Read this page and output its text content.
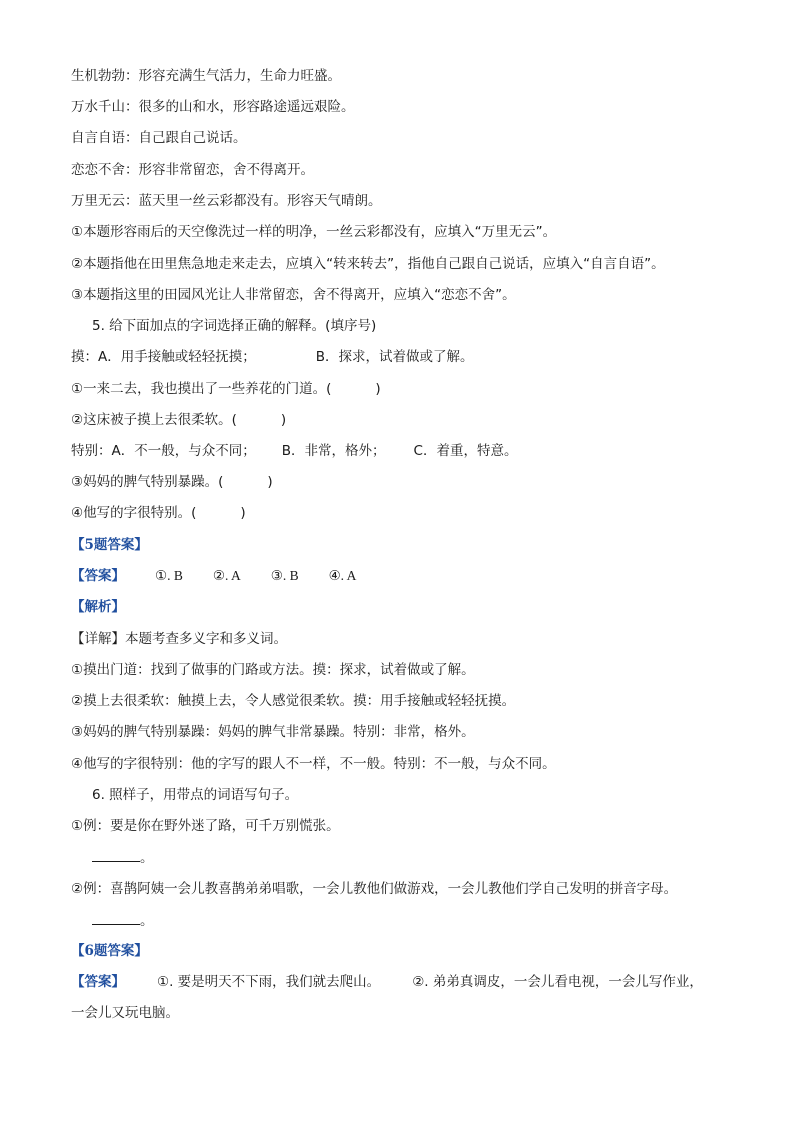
生机勃勃：形容充满生气活力，生命力旺盛。
万水千山：很多的山和水，形容路途遥远艰险。
自言自语：自己跟自己说话。
恋恋不舍：形容非常留恋，舍不得离开。
万里无云：蓝天里一丝云彩都没有。形容天气晴朗。
①本题形容雨后的天空像洗过一样的明净，一丝云彩都没有，应填入“万里无云”。
②本题指他在田里焦急地走来走去，应填入“转来转去”，指他自己跟自己说话，应填入“自言自语”。
③本题指这里的田园风光让人非常留恋，舍不得离开，应填入“恋恋不舍”。
5. 给下面加点的字词选择正确的解释。(填序号)
摸：A．用手接触或轻轻抚摸；	B．探求，试着做或了解。
①一来二去，我也摸出了一些养花的门道。(	)
②这床被子摸上去很柔软。(	)
特别：A．不一般，与众不同； B．非常，格外； C．着重，特意。
③妈妈的脾气特别暴躁。(	)
④他写的字很特别。(	)
【5题答案】
【答案】 ①. B ②. A ③. B ④. A
【解析】
【详解】本题考查多义字和多义词。
①摸出门道：找到了做事的门路或方法。摸：探求，试着做或了解。
②摸上去很柔软：触摸上去，令人感觉很柔软。摸：用手接触或轻轻抚摸。
③妈妈的脾气特别暴躁：妈妈的脾气非常暴躁。特别：非常，格外。
④他写的字很特别：他的字写的跟人不一样，不一般。特别：不一般，与众不同。
6. 照样子，用带点的词语写句子。
①例：要是你在野外迷了路，可千万别慌张。
。
②例：喜鹊阿姨一会儿教喜鹊弟弟唱歌，一会儿教他们做游戏，一会儿教他们学自己发明的拼音字母。
。
【6题答案】
【答案】 ①. 要是明天不下雨，我们就去爬山。 ②. 弟弟真调皮，一会儿看电视，一会儿写作业，
一会儿又玩电脑。
